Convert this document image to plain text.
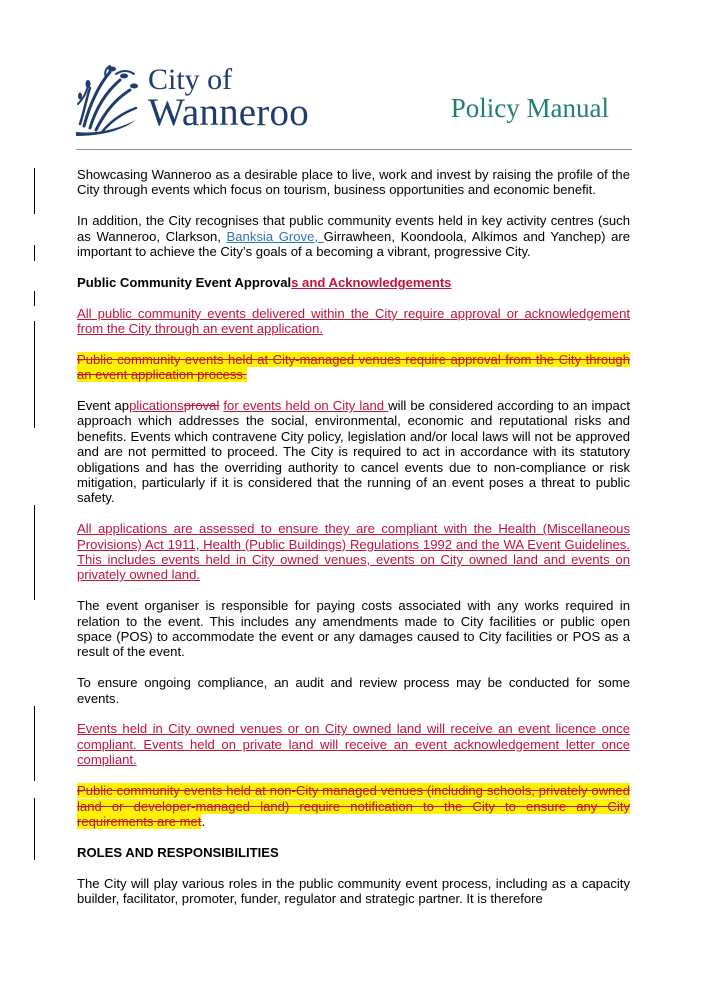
City of
Wanneroo	Policy Manual

Showcasing Wanneroo as a desirable place to live, work and invest by raising the profile of the City through events which focus on tourism, business opportunities and economic benefit.

In addition, the City recognises that public community events held in key activity centres (such as Wanneroo, Clarkson, Banksia Grove, Girrawheen, Koondoola, Alkimos and Yanchep) are important to achieve the City’s goals of a becoming a vibrant, progressive City.

Public Community Event Approvals and Acknowledgements

All public community events delivered within the City require approval or acknowledgement from the City through an event application.

Public community events held at City-managed venues require approval from the City through an event application process.

Event applicationsproval for events held on City land will be considered according to an impact approach which addresses the social, environmental, economic and reputational risks and benefits. Events which contravene City policy, legislation and/or local laws will not be approved and are not permitted to proceed. The City is required to act in accordance with its statutory obligations and has the overriding authority to cancel events due to non-compliance or risk mitigation, particularly if it is considered that the running of an event poses a threat to public safety.

All applications are assessed to ensure they are compliant with the Health (Miscellaneous Provisions) Act 1911, Health (Public Buildings) Regulations 1992 and the WA Event Guidelines. This includes events held in City owned venues, events on City owned land and events on privately owned land.

The event organiser is responsible for paying costs associated with any works required in relation to the event. This includes any amendments made to City facilities or public open space (POS) to accommodate the event or any damages caused to City facilities or POS as a result of the event.

To ensure ongoing compliance, an audit and review process may be conducted for some events.

Events held in City owned venues or on City owned land will receive an event licence once compliant. Events held on private land will receive an event acknowledgement letter once compliant.

Public community events held at non-City managed venues (including schools, privately owned land or developer-managed land) require notification to the City to ensure any City requirements are met.

ROLES AND RESPONSIBILITIES

The City will play various roles in the public community event process, including as a capacity builder, facilitator, promoter, funder, regulator and strategic partner. It is therefore
